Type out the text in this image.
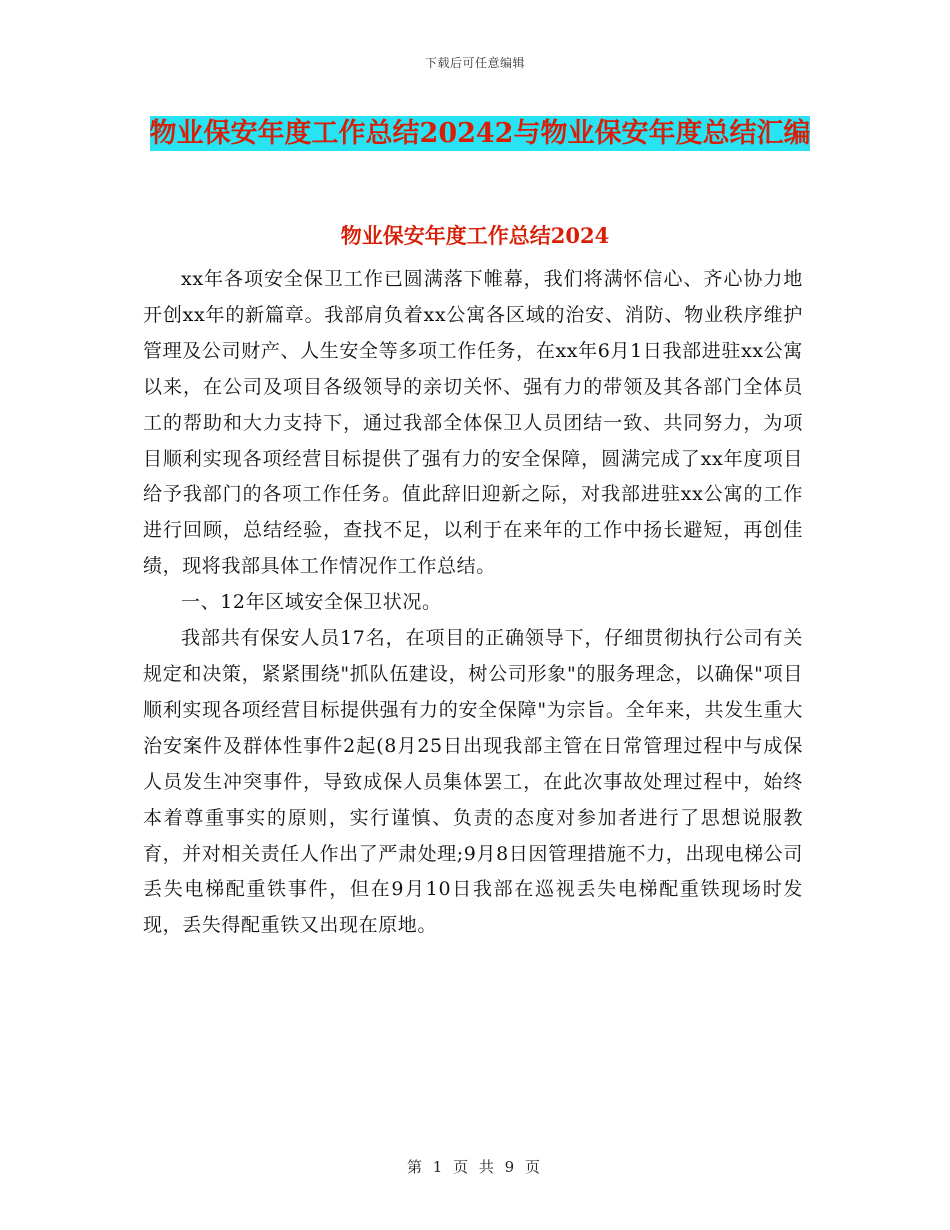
下载后可任意编辑
物业保安年度工作总结20242与物业保安年度总结汇编
物业保安年度工作总结2024

xx年各项安全保卫工作已圆满落下帷幕，我们将满怀信心、齐心协力地开创xx年的新篇章。我部肩负着xx公寓各区域的治安、消防、物业秩序维护管理及公司财产、人生安全等多项工作任务，在xx年6月1日我部进驻xx公寓以来，在公司及项目各级领导的亲切关怀、强有力的带领及其各部门全体员工的帮助和大力支持下，通过我部全体保卫人员团结一致、共同努力，为项目顺利实现各项经营目标提供了强有力的安全保障，圆满完成了xx年度项目给予我部门的各项工作任务。值此辞旧迎新之际，对我部进驻xx公寓的工作进行回顾，总结经验，查找不足，以利于在来年的工作中扬长避短，再创佳绩，现将我部具体工作情况作工作总结。

一、12年区域安全保卫状况。

我部共有保安人员17名，在项目的正确领导下，仔细贯彻执行公司有关规定和决策，紧紧围绕"抓队伍建设，树公司形象"的服务理念，以确保"项目顺利实现各项经营目标提供强有力的安全保障"为宗旨。全年来，共发生重大治安案件及群体性事件2起(8月25日出现我部主管在日常管理过程中与成保人员发生冲突事件，导致成保人员集体罢工，在此次事故处理过程中，始终本着尊重事实的原则，实行谨慎、负责的态度对参加者进行了思想说服教育，并对相关责任人作出了严肃处理;9月8日因管理措施不力，出现电梯公司丢失电梯配重铁事件，但在9月10日我部在巡视丢失电梯配重铁现场时发现，丢失得配重铁又出现在原地。

第 1 页 共 9 页
